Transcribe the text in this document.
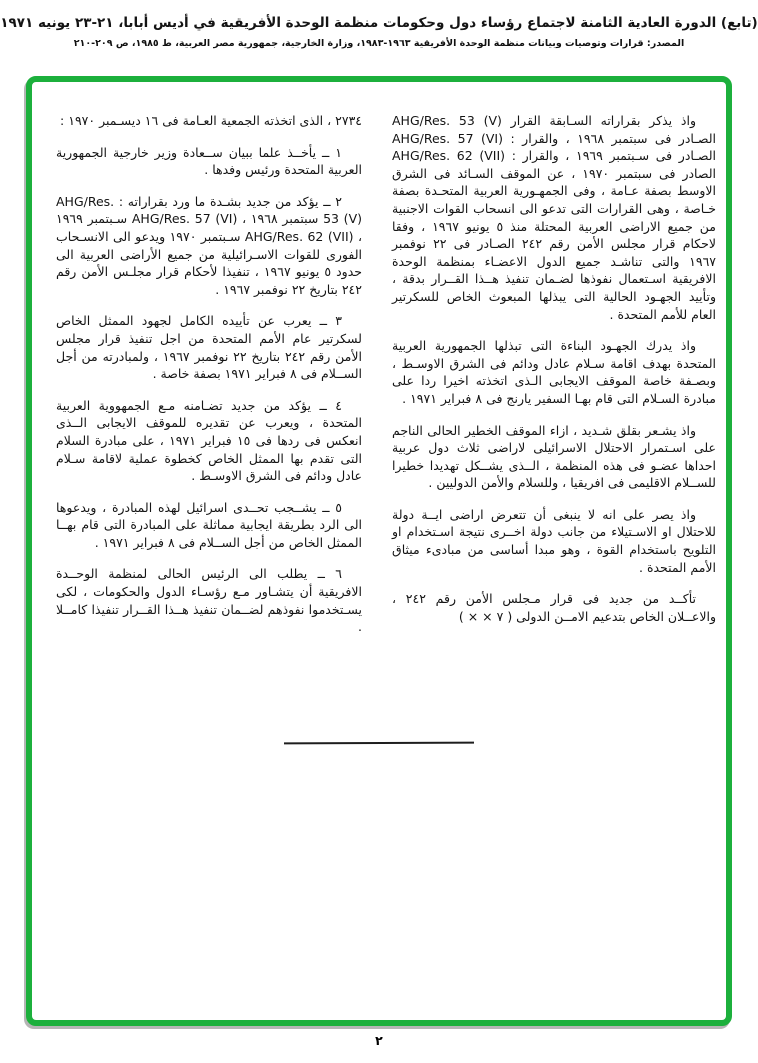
(تابع) الدورة العادية الثامنة لاجتماع رؤساء دول وحكومات منظمة الوحدة الأفريقية في أديس أبابا، ٢١-٢٣ يونيه ١٩٧١
المصدر: قرارات وتوصيات وبيانات منظمة الوحدة الأفريقية ١٩٦٣-١٩٨٣، وزارة الخارجية، جمهورية مصر العربية، ط ١٩٨٥، ص ٢٠٩-٢١٠

واذ يذكر بقراراته السـابقة القرار AHG/Res. 53 (V) الصـادر فى سبتمبر ١٩٦٨ ، والقرار : AHG/Res. 57 (VI) الصـادر فى سـبتمبر ١٩٦٩ ، والقرار : AHG/Res. 62 (VII) الصادر فى سبتمبر ١٩٧٠ ، عن الموقف السـائد فى الشرق الاوسط بصفة عـامة ، وفى الجمهـورية العربية المتحـدة بصفة خـاصة ، وهى القرارات التى تدعو الى انسحاب القوات الاجنبية من جميع الاراضى العربية المحتلة منذ ٥ يونيو ١٩٦٧ ، وفقا لاحكام قرار مجلس الأمن رقم ٢٤٢ الصـادر فى ٢٢ نوفمبر ١٩٦٧ والتى تناشـد جميع الدول الاعضـاء بمنظمة الوحدة الافريقية اسـتعمال نفوذها لضـمان تنفيذ هــذا القــرار بدقة ، وتأييد الجهـود الحالية التى يبذلها المبعوث الخاص للسكرتير العام للأمم المتحدة .

واذ يدرك الجهـود البناءة التى تبذلها الجمهورية العربية المتحدة بهدف اقامة سـلام عادل ودائم فى الشرق الاوسـط ، وبصـفة خاصة الموقف الايجابى الـذى اتخذته اخيرا ردا على مبادرة السـلام التى قام بهـا السفير يارنج فى ٨ فبراير ١٩٧١ .

واذ يشـعر بقلق شـديد ، ازاء الموقف الخطير الحالى الناجم على اسـتمرار الاحتلال الاسرائيلى لاراضى ثلاث دول عربية احداها عضـو فى هذه المنظمة ، الــذى يشــكل تهديدا خطيرا للســلام الاقليمى فى افريقيا ، وللسلام والأمن الدوليين .

واذ يصر على انه لا ينبغى أن تتعرض اراضى ايــة دولة للاحتلال او الاسـتيلاء من جانب دولة اخــرى نتيجة اسـتخدام او التلويح باستخدام القوة ، وهو مبدا أساسى من مبادىء ميثاق الأمم المتحدة .

تأكــد من جديد فى قرار مـجلس الأمن رقم ٢٤٢ ، والاعــلان الخاص بتدعيم الامــن الدولى ( ٧ × × )

٢٧٣٤ ، الذى اتخذته الجمعية العـامة فى ١٦ ديسـمبر ١٩٧٠ :

١ ــ يأخــذ علما ببيان ســعادة وزير خارجية الجمهورية العربية المتحدة ورئيس وفدها .

٢ ــ يؤكد من جديد بشـدة ما ورد بقراراته : AHG/Res. 53 (V) سبتمبر ١٩٦٨ ، AHG/Res. 57 (VI) سـبتمبر ١٩٦٩ ، AHG/Res. 62 (VII) سـبتمبر ١٩٧٠ ويدعو الى الانسـحاب الفورى للقوات الاسـرائيلية من جميع الأراضى العربية الى حدود ٥ يونيو ١٩٦٧ ، تنفيذا لأحكام قرار مجلـس الأمن رقم ٢٤٢ بتاريخ ٢٢ نوفمبر ١٩٦٧ .

٣ ــ يعرب عن تأييده الكامل لجهود الممثل الخاص لسكرتير عام الأمم المتحدة من اجل تنفيذ قرار مجلس الأمن رقم ٢٤٢ بتاريخ ٢٢ نوفمبر ١٩٦٧ ، ولمبادرته من أجل الســلام فى ٨ فبراير ١٩٧١ بصفة خاصة .

٤ ــ يؤكد من جديد تضـامنه مـع الجمهووية العربية المتحدة ، ويعرب عن تقديره للموقف الايجابى الــذى انعكس فى ردها فى ١٥ فبراير ١٩٧١ ، على مبادرة السلام التى تقدم بها الممثل الخاص كخطوة عملية لاقامة سـلام عادل ودائم فى الشرق الاوسـط .

٥ ــ يشــجب تحــدى اسرائيل لهذه المبادرة ، ويدعوها الى الرد بطريقة ايجابية مماثلة على المبادرة التى قام بهــا الممثل الخاص من أجل الســلام فى ٨ فبراير ١٩٧١ .

٦ ــ يطلب الى الرئيس الحالى لمنظمة الوحــدة الافريقية أن يتشـاور مـع رؤسـاء الدول والحكومات ، لكى يسـتخدموا نفوذهم لضــمان تنفيذ هــذا القــرار تنفيذا كامــلا .

٢
